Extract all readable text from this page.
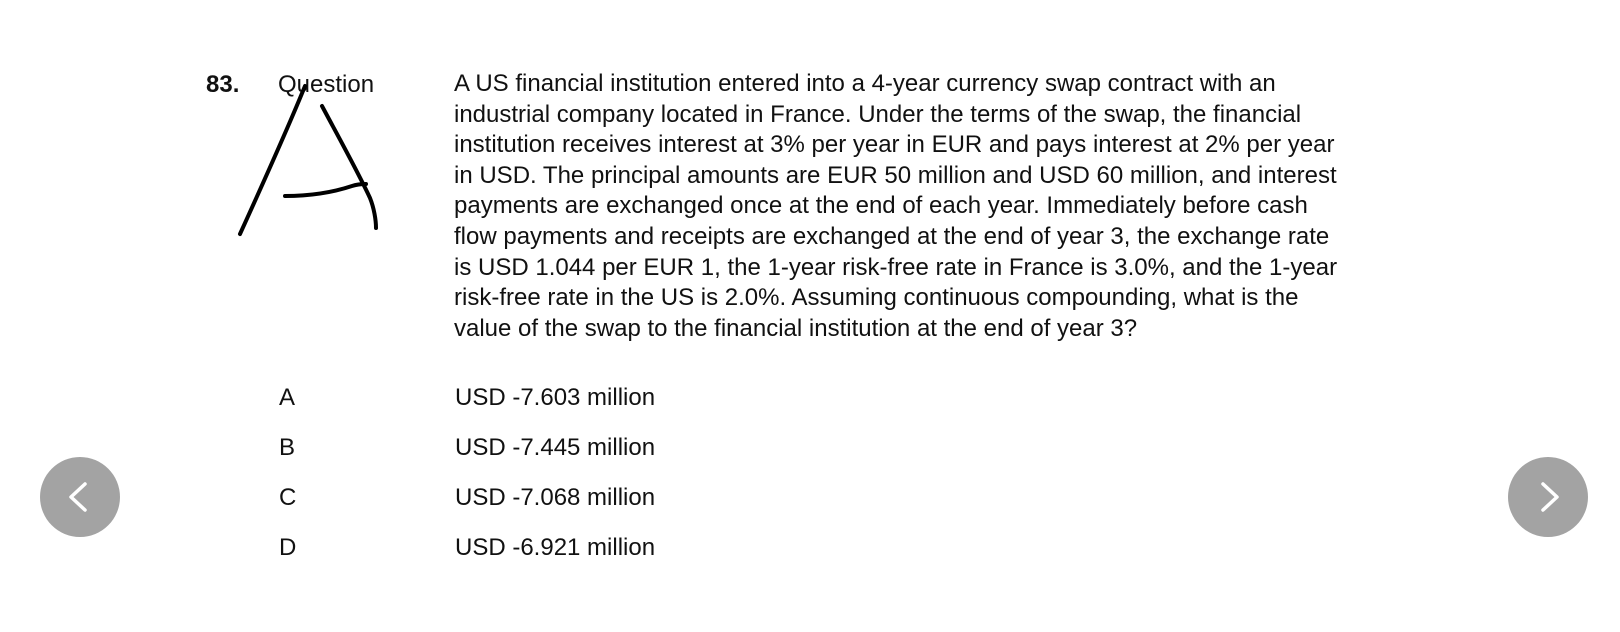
83. Question	A US financial institution entered into a 4-year currency swap contract with an
industrial company located in France. Under the terms of the swap, the financial
institution receives interest at 3% per year in EUR and pays interest at 2% per year
in USD. The principal amounts are EUR 50 million and USD 60 million, and interest
payments are exchanged once at the end of each year. Immediately before cash
flow payments and receipts are exchanged at the end of year 3, the exchange rate
is USD 1.044 per EUR 1, the 1-year risk-free rate in France is 3.0%, and the 1-year
risk-free rate in the US is 2.0%. Assuming continuous compounding, what is the
value of the swap to the financial institution at the end of year 3?

A	USD -7.603 million
B	USD -7.445 million
C	USD -7.068 million
D	USD -6.921 million
